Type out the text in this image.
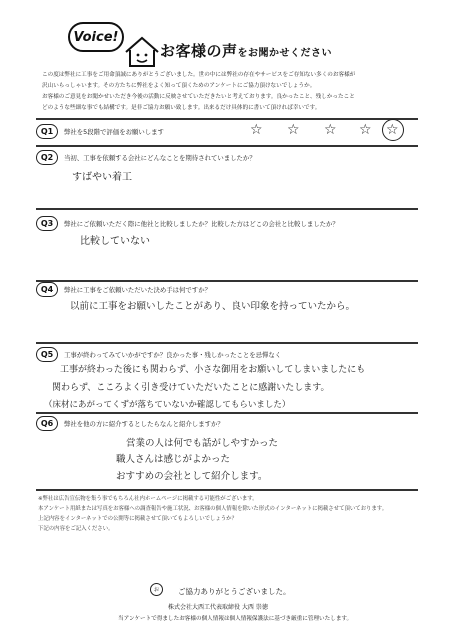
Voice!
お客様の声をお聞かせください

この度は弊社に工事をご用命頂誠にありがとうございました。世の中には弊社の存在やサービスをご存知ない多くのお客様が

沢山いらっしゃいます。その方たちに弊社をよく知って頂くためのアンケートにご協力頂けないでしょうか。

お客様のご意見をお聞かせいただき今後の活動に反映させていただきたいと考えております。良かったこと、残しかったこと

どのような些細な事でも結構です。是非ご協力お願い致します。出来るだけ具体的に書いて頂ければ幸いです。

Q1	弊社を5段階で評価をお願いします	☆ ☆ ☆ ☆ ☆
Q2	当初、工事を依頼する会社にどんなことを期待されていましたか？
すばやい着工
Q3	弊社にご依頼いただく際に他社と比較しましたか？比較した方はどこの会社と比較しましたか？
比較していない
Q4	弊社に工事をご依頼いただいた決め手は何ですか？
以前に工事をお願いしたことがあり、良い印象を持っていたから。
Q5	工事が終わってみていかがですか？良かった事・残しかったことを忌憚なく
工事が終わった後にも関わらず、小さな御用をお願いしてしまいましたにも
関わらず、こころよく引き受けていただいたことに感謝いたします。
（床材にあがってくずが落ちていないか確認してもらいました）
Q6	弊社を他の方に紹介するとしたらなんと紹介しますか？
営業の人は何でも話がしやすかった
職人さんは感じがよかった
おすすめの会社として紹介します。
※弊社は広告宣伝物を集う事でもちろん社内ホームページに掲載する可能性がございます。
本アンケート用紙または写真をお客様への調査報告や施工状況、お客様の個人情報を除いた形式のインターネットに掲載させて頂いております。
上記内容をインターネットでの公開等に掲載させて頂いてもよろしいでしょうか？
下記の内容をご記入ください。
お	ご協力ありがとうございました。
株式会社大西工代表取締役 大西 崇徳
当アンケートで得ましたお客様の個人情報は個人情報保護法に基づき厳重に管理いたします。
